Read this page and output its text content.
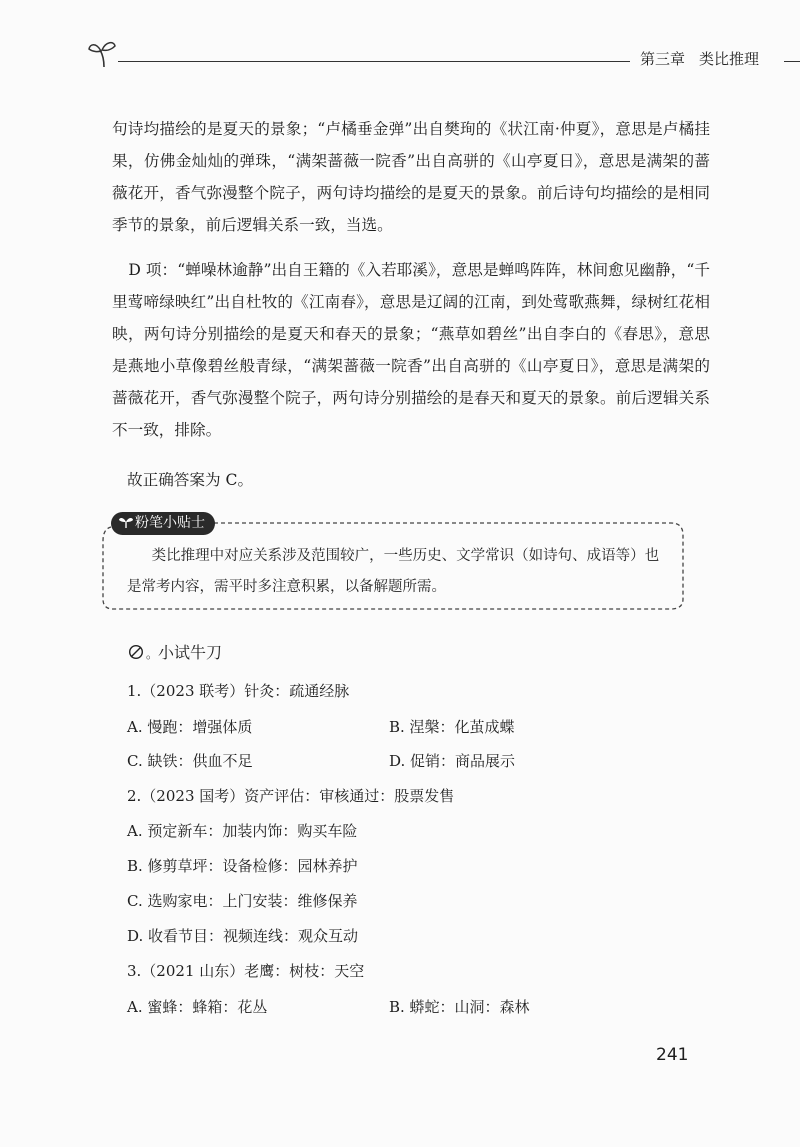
第三章 类比推理

句诗均描绘的是夏天的景象；“卢橘垂金弹”出自樊珣的《状江南·仲夏》，意思是卢橘挂果，仿佛金灿灿的弹珠，“满架蔷薇一院香”出自高骈的《山亭夏日》，意思是满架的蔷薇花开，香气弥漫整个院子，两句诗均描绘的是夏天的景象。前后诗句均描绘的是相同季节的景象，前后逻辑关系一致，当选。

D 项：“蝉噪林逾静”出自王籍的《入若耶溪》，意思是蝉鸣阵阵，林间愈见幽静，“千里莺啼绿映红”出自杜牧的《江南春》，意思是辽阔的江南，到处莺歌燕舞，绿树红花相映，两句诗分别描绘的是夏天和春天的景象；“燕草如碧丝”出自李白的《春思》，意思是燕地小草像碧丝般青绿，“满架蔷薇一院香”出自高骈的《山亭夏日》，意思是满架的蔷薇花开，香气弥漫整个院子，两句诗分别描绘的是春天和夏天的景象。前后逻辑关系不一致，排除。

故正确答案为 C。

粉笔小贴士

类比推理中对应关系涉及范围较广，一些历史、文学常识（如诗句、成语等）也是常考内容，需平时多注意积累，以备解题所需。

。小试牛刀
1.（2023 联考）针灸：疏通经脉
A. 慢跑：增强体质	B. 涅槃：化茧成蝶
C. 缺铁：供血不足	D. 促销：商品展示
2.（2023 国考）资产评估：审核通过：股票发售
A. 预定新车：加装内饰：购买车险
B. 修剪草坪：设备检修：园林养护
C. 选购家电：上门安装：维修保养
D. 收看节目：视频连线：观众互动
3.（2021 山东）老鹰：树枝：天空
A. 蜜蜂：蜂箱：花丛	B. 蟒蛇：山洞：森林
241
